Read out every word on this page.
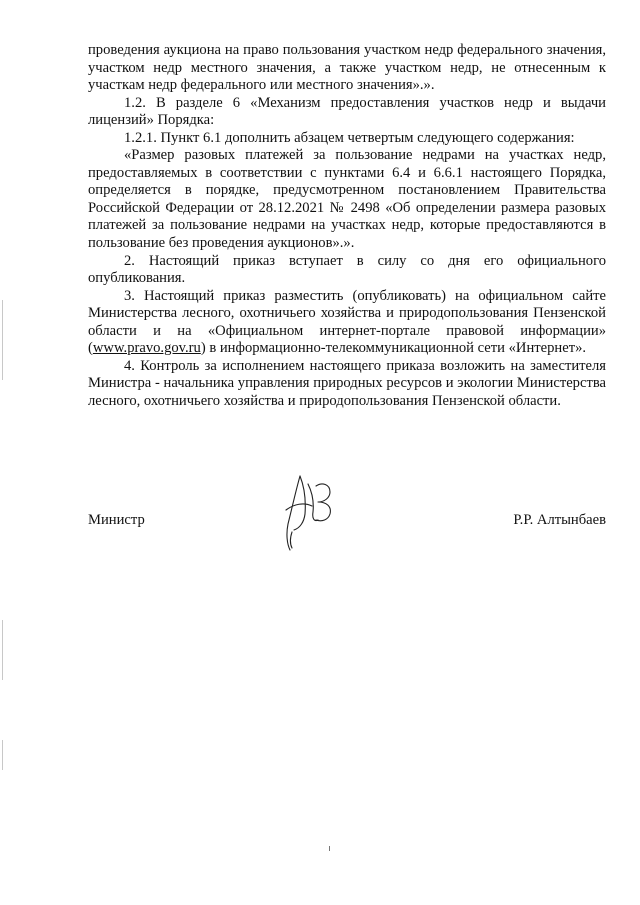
проведения аукциона на право пользования участком недр федерального значения, участком недр местного значения, а также участком недр, не отнесенным к участкам недр федерального или местного значения».».

1.2. В разделе 6 «Механизм предоставления участков недр и выдачи лицензий» Порядка:

1.2.1. Пункт 6.1 дополнить абзацем четвертым следующего содержания:

«Размер разовых платежей за пользование недрами на участках недр, предоставляемых в соответствии с пунктами 6.4 и 6.6.1 настоящего Порядка, определяется в порядке, предусмотренном постановлением Правительства Российской Федерации от 28.12.2021 № 2498 «Об определении размера разовых платежей за пользование недрами на участках недр, которые предоставляются в пользование без проведения аукционов».».

2. Настоящий приказ вступает в силу со дня его официального опубликования.

3. Настоящий приказ разместить (опубликовать) на официальном сайте Министерства лесного, охотничьего хозяйства и природопользования Пензенской области и на «Официальном интернет-портале правовой информации» (www.pravo.gov.ru) в информационно-телекоммуникационной сети «Интернет».

4. Контроль за исполнением настоящего приказа возложить на заместителя Министра - начальника управления природных ресурсов и экологии Министерства лесного, охотничьего хозяйства и природопользования Пензенской области.

Министр	Р.Р. Алтынбаев
